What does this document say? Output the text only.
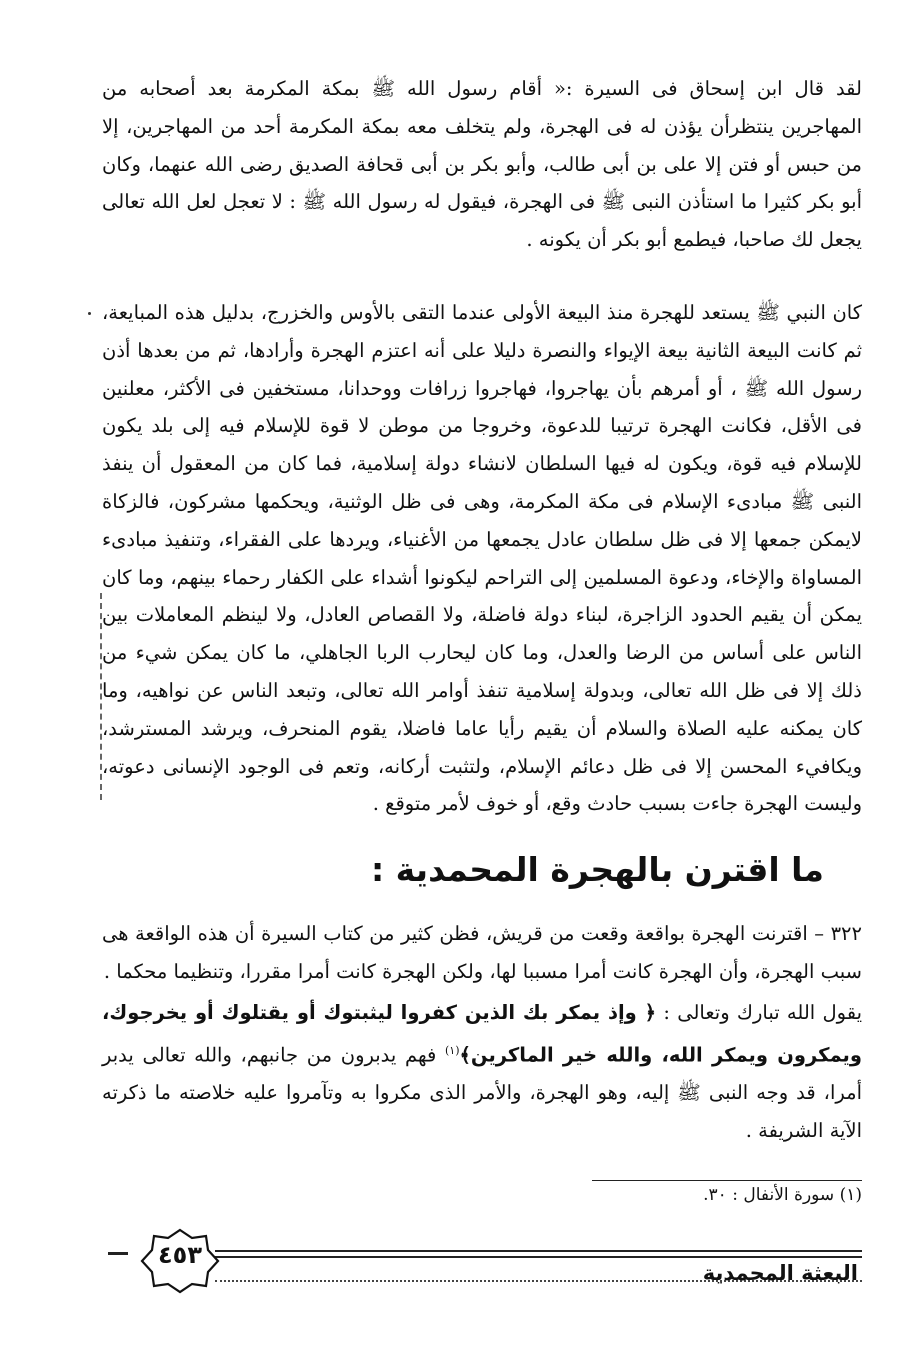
لقد قال ابن إسحاق فى السيرة :« أقام رسول الله ﷺ بمكة المكرمة بعد أصحابه من المهاجرين ينتظرأن يؤذن له فى الهجرة، ولم يتخلف معه بمكة المكرمة أحد من المهاجرين، إلا من حبس أو فتن إلا على بن أبى طالب، وأبو بكر بن أبى قحافة الصديق رضى الله عنهما، وكان أبو بكر كثيرا ما استأذن النبى ﷺ فى الهجرة، فيقول له رسول الله ﷺ : لا تعجل لعل الله تعالى يجعل لك صاحبا، فيطمع أبو بكر أن يكونه .

كان النبي ﷺ يستعد للهجرة منذ البيعة الأولى عندما التقى بالأوس والخزرج، بدليل هذه المبايعة، ثم كانت البيعة الثانية بيعة الإيواء والنصرة دليلا على أنه اعتزم الهجرة وأرادها، ثم من بعدها أذن رسول الله ﷺ ، أو أمرهم بأن يهاجروا، فهاجروا زرافات ووحدانا، مستخفين فى الأكثر، معلنين فى الأقل، فكانت الهجرة ترتيبا للدعوة، وخروجا من موطن لا قوة للإسلام فيه إلى بلد يكون للإسلام فيه قوة، ويكون له فيها السلطان لانشاء دولة إسلامية، فما كان من المعقول أن ينفذ النبى ﷺ مبادىء الإسلام فى مكة المكرمة، وهى فى ظل الوثنية، ويحكمها مشركون، فالزكاة لايمكن جمعها إلا فى ظل سلطان عادل يجمعها من الأغنياء، ويردها على الفقراء، وتنفيذ مبادىء المساواة والإخاء، ودعوة المسلمين إلى التراحم ليكونوا أشداء على الكفار رحماء بينهم، وما كان يمكن أن يقيم الحدود الزاجرة، لبناء دولة فاضلة، ولا القصاص العادل، ولا لينظم المعاملات بين الناس على أساس من الرضا والعدل، وما كان ليحارب الربا الجاهلي، ما كان يمكن شيء من ذلك إلا فى ظل الله تعالى، وبدولة إسلامية تنفذ أوامر الله تعالى، وتبعد الناس عن نواهيه، وما كان يمكنه عليه الصلاة والسلام أن يقيم رأيا عاما فاضلا، يقوم المنحرف، ويرشد المسترشد، ويكافيء المحسن إلا فى ظل دعائم الإسلام، ولتثبت أركانه، وتعم فى الوجود الإنسانى دعوته، وليست الهجرة جاءت بسبب حادث وقع، أو خوف لأمر متوقع .

ما اقترن بالهجرة المحمدية :

٣٢٢ – اقترنت الهجرة بواقعة وقعت من قريش، فظن كثير من كتاب السيرة أن هذه الواقعة هى سبب الهجرة، وأن الهجرة كانت أمرا مسببا لها، ولكن الهجرة كانت أمرا مقررا، وتنظيما محكما .

يقول الله تبارك وتعالى : ﴿ وإذ يمكر بك الذين كفروا ليثبتوك أو يقتلوك أو يخرجوك، ويمكرون ويمكر الله، والله خير الماكرين﴾$^{(١)}$ فهم يدبرون من جانبهم، والله تعالى يدبر أمرا، قد وجه النبى ﷺ إليه، وهو الهجرة، والأمر الذى مكروا به وتآمروا عليه خلاصته ما ذكرته الآية الشريفة .

(١) سورة الأنفال : ٣٠.
٤٥٣
البعثة المحمدية
